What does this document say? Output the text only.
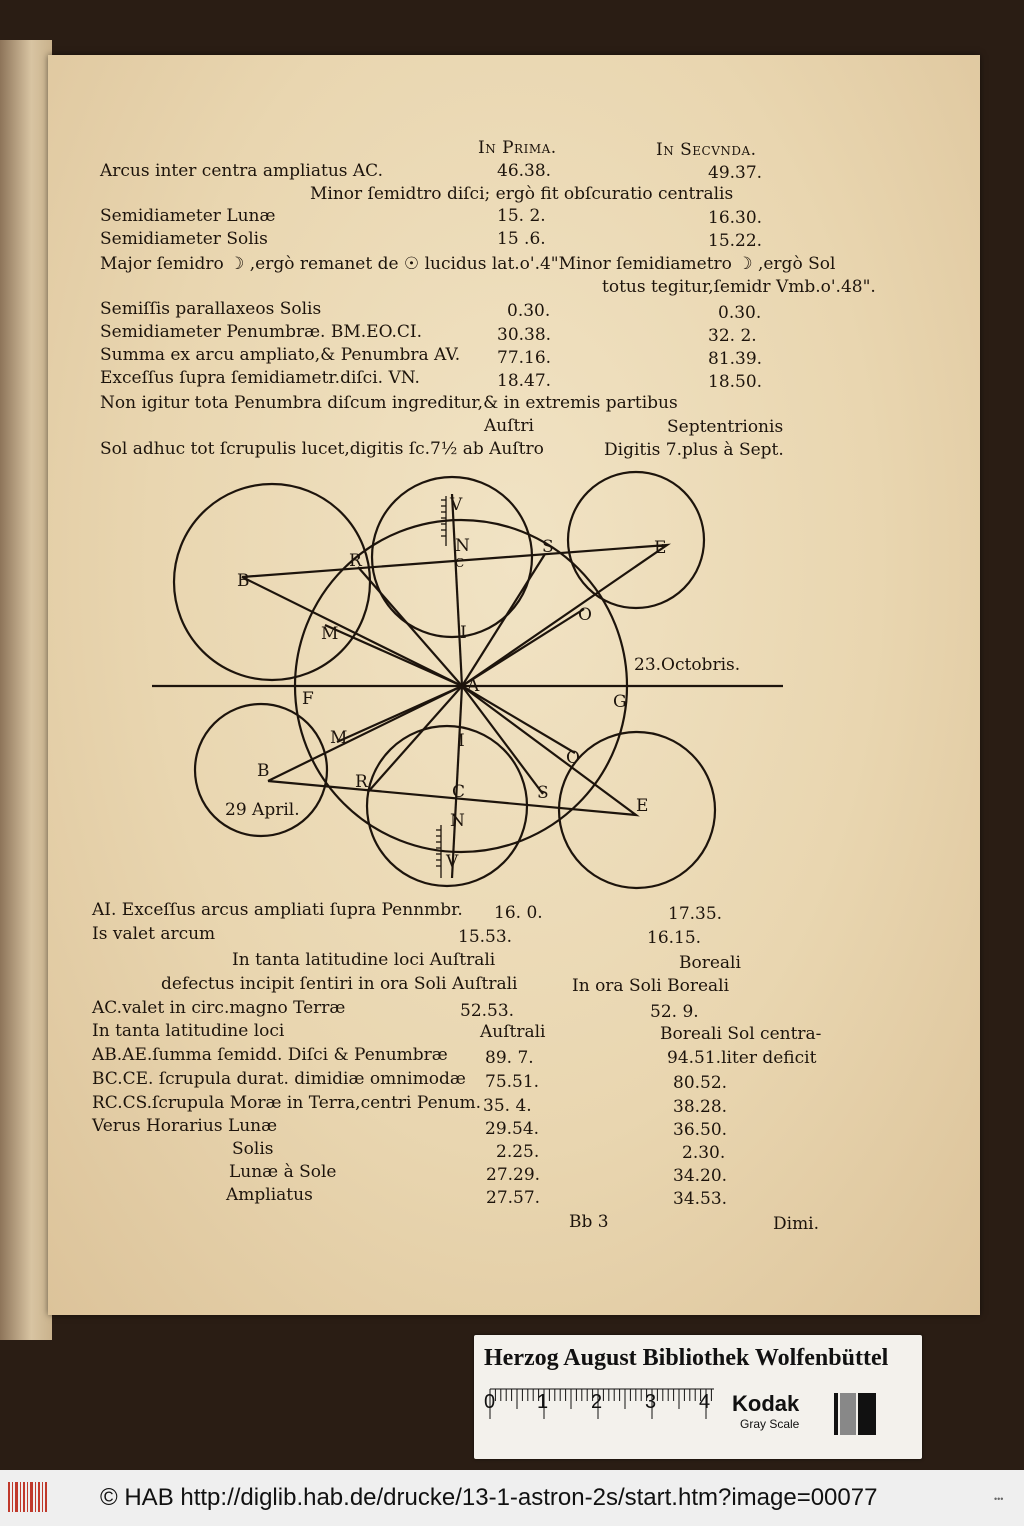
In Prima.	In Secvnda.
Arcus inter centra ampliatus AC.	46.38.	49.37.
Minor ſemidtro diſci; ergò fit obſcuratio centralis
Semidiameter Lunæ	15. 2.	16.30.
Semidiameter Solis	15 .6.	15.22.
Major ſemidro ☽ ,ergò remanet de ☉ lucidus lat.o'.4"Minor ſemidiametro ☽ ,ergò Sol
totus tegitur,ſemidr Vmb.o'.48".
Semiſſis parallaxeos Solis	0.30.	0.30.
Semidiameter Penumbræ. BM.EO.CI.	30.38.	32. 2.
Summa ex arcu ampliato,& Penumbra AV. 77.16.	81.39.
Exceſſus ſupra ſemidiametr.diſci. VN.	18.47.	18.50.
Non igitur tota Penumbra diſcum ingreditur,& in extremis partibus
Auſtri	Septentrionis
Sol adhuc tot ſcrupulis lucet,digitis ſc.7½ ab Auſtro	Digitis 7.plus à Sept.
AI. Exceſſus arcus ampliati ſupra Pennmbr. 16. 0.	17.35.
Is valet arcum	15.53.	16.15.
In tanta latitudine loci Auſtrali	Boreali
defectus incipit ſentiri in ora Soli Auſtrali	In ora Soli Boreali
AC.valet in circ.magno Terræ	52.53.	52. 9.
In tanta latitudine loci	Auſtrali	Boreali Sol centra-
AB.AE.ſumma ſemidd. Diſci & Penumbræ 89. 7.	94.51.liter deficit
BC.CE. ſcrupula durat. dimidiæ omnimodæ 75.51.	80.52.
RC.CS.ſcrupula Moræ in Terra,centri Penum. 35. 4.	38.28.
Verus Horarius Lunæ	29.54.	36.50.
Solis	2.25.	2.30.
Lunæ à Sole	27.29.	34.20.
Ampliatus	27.57.	34.53.
Bb 3	Dimi.
V
N
C
S	E
R
B
M	I
O
23.Octobris.
F
A
G
M	I
O
B
R	C	S
E
N
V
29 April.
Herzog August Bibliothek Wolfenbüttel
0 1 2 3 4 Kodak
Gray Scale
© HAB http://diglib.hab.de/drucke/13-1-astron-2s/start.htm?image=00077	•••
